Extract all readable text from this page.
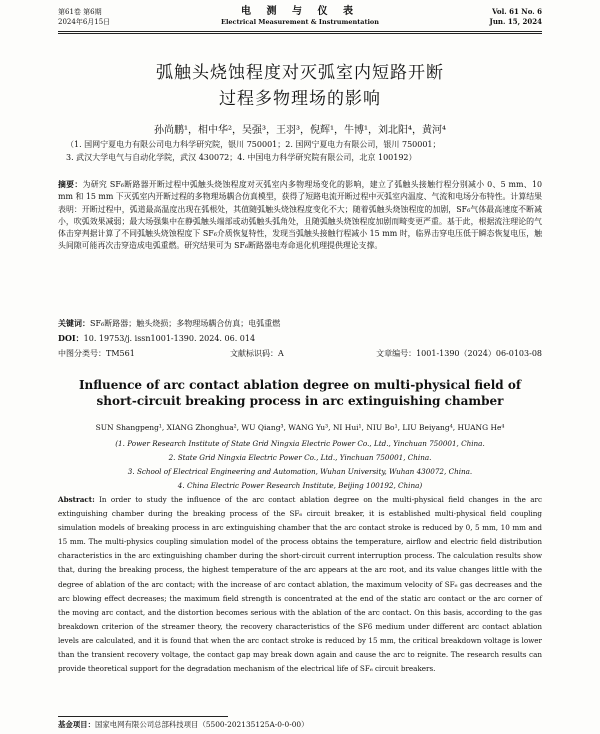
第61卷 第6期
2024年6月15日
电 测 与 仪 表
Electrical Measurement & Instrumentation
Vol. 61 No. 6
Jun. 15, 2024
弧触头烧蚀程度对灭弧室内短路开断
过程多物理场的影响
孙尚鹏¹，相中华²，吴强³，王羽³，倪辉¹，牛博¹，刘北阳⁴，黄河⁴
（1. 国网宁夏电力有限公司电力科学研究院，银川 750001；2. 国网宁夏电力有限公司，银川 750001；
3. 武汉大学电气与自动化学院，武汉 430072；4. 中国电力科学研究院有限公司，北京 100192）
摘要：为研究 SF₆断路器开断过程中弧触头烧蚀程度对灭弧室内多物理场变化的影响，建立了弧触头接触行程分别减小 0、5 mm、10 mm 和 15 mm 下灭弧室内开断过程的多物理场耦合仿真模型，获得了短路电流开断过程中灭弧室内温度、气流和电场分布特性。计算结果表明：开断过程中，弧道最高温度出现在弧根处，其值随弧触头烧蚀程度变化不大；随着弧触头烧蚀程度的加剧，SF₆气体最高速度不断减小，吹弧效果减弱；最大场强集中在静弧触头端部或动弧触头弧角处，且随弧触头烧蚀程度加剧而畸变更严重。基于此，根据流注理论的气体击穿判据计算了不同弧触头烧蚀程度下 SF₆介质恢复特性，发现当弧触头接触行程减小 15 mm 时，临界击穿电压低于瞬态恢复电压，触头间隙可能再次击穿造成电弧重燃。研究结果可为 SF₆断路器电寿命退化机理提供理论支撑。
关键词：SF₆断路器；触头烧损；多物理场耦合仿真；电弧重燃
DOI：10. 19753/j. issn1001-1390. 2024. 06. 014
中图分类号：TM561	文献标识码：A	文章编号：1001-1390（2024）06-0103-08
Influence of arc contact ablation degree on multi-physical field of short-circuit breaking process in arc extinguishing chamber
SUN Shangpeng¹, XIANG Zhonghua², WU Qiang³, WANG Yu³, NI Hui¹, NIU Bo¹, LIU Beiyang⁴, HUANG He⁴
(1. Power Research Institute of State Grid Ningxia Electric Power Co., Ltd., Yinchuan 750001, China.
2. State Grid Ningxia Electric Power Co., Ltd., Yinchuan 750001, China.
3. School of Electrical Engineering and Automation, Wuhan University, Wuhan 430072, China.
4. China Electric Power Research Institute, Beijing 100192, China)
Abstract: In order to study the influence of the arc contact ablation degree on the multi-physical field changes in the arc extinguishing chamber during the breaking process of the SF₆ circuit breaker, it is established multi-physical field coupling simulation models of breaking process in arc extinguishing chamber that the arc contact stroke is reduced by 0, 5 mm, 10 mm and 15 mm. The multi-physics coupling simulation model of the process obtains the temperature, airflow and electric field distribution characteristics in the arc extinguishing chamber during the short-circuit current interruption process. The calculation results show that, during the breaking process, the highest temperature of the arc appears at the arc root, and its value changes little with the degree of ablation of the arc contact; with the increase of arc contact ablation, the maximum velocity of SF₆ gas decreases and the arc blowing effect decreases; the maximum field strength is concentrated at the end of the static arc contact or the arc corner of the moving arc contact, and the distortion becomes serious with the ablation of the arc contact. On this basis, according to the gas breakdown criterion of the streamer theory, the recovery characteristics of the SF6 medium under different arc contact ablation levels are calculated, and it is found that when the arc contact stroke is reduced by 15 mm, the critical breakdown voltage is lower than the transient recovery voltage, the contact gap may break down again and cause the arc to reignite. The research results can provide theoretical support for the degradation mechanism of the electrical life of SF₆ circuit breakers.
基金项目：国家电网有限公司总部科技项目（5500-202135125A-0-0-00）
